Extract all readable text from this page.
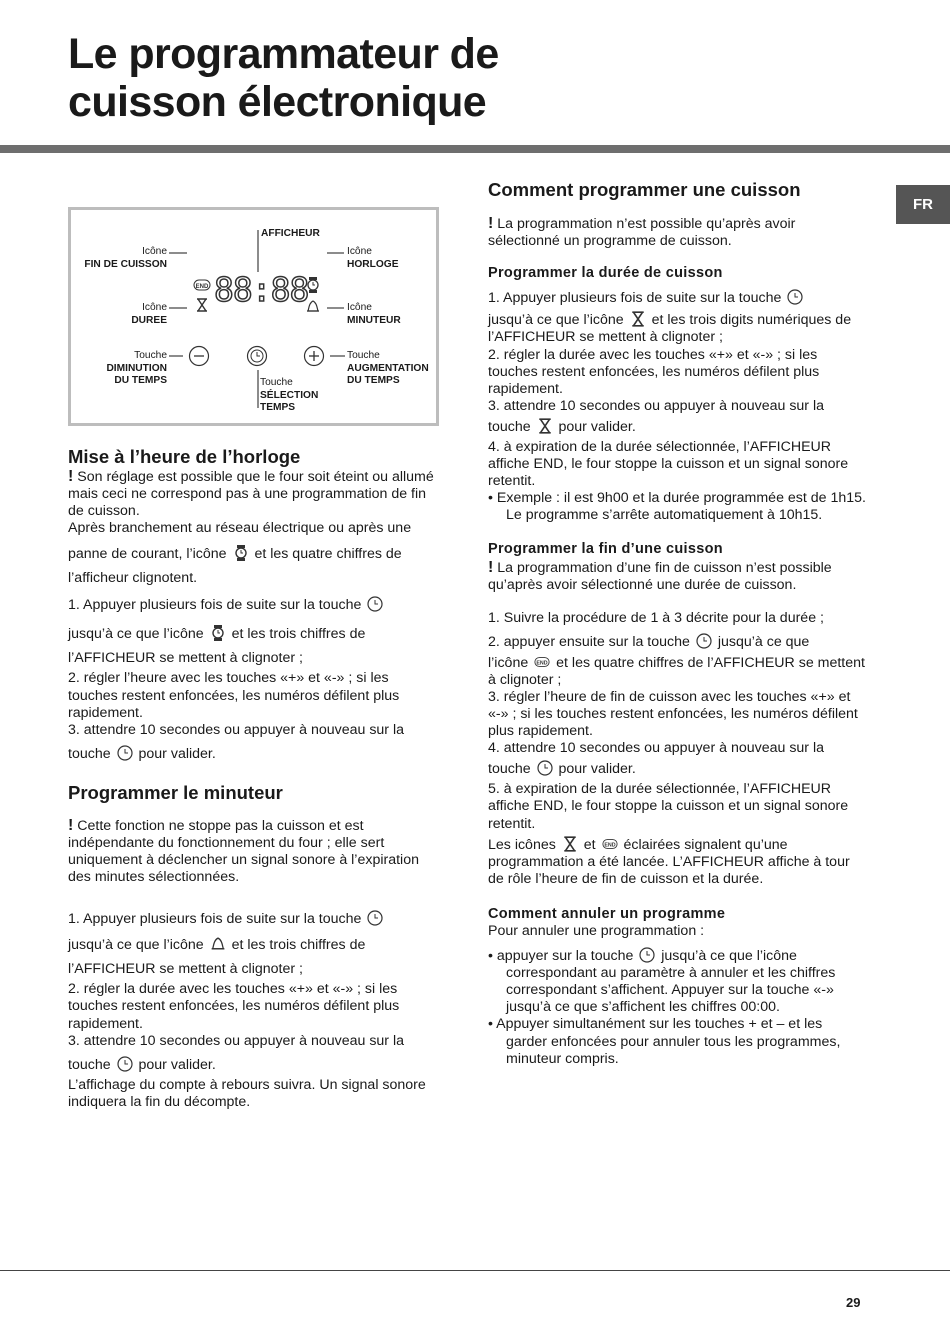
Le programmateur de
cuisson électronique
FR
END 88:88
AFFICHEUR
Icône
FIN DE CUISSON
Icône
DUREE
Touche
DIMINUTION
DU TEMPS
Icône
HORLOGE
Icône
MINUTEUR
Touche
AUGMENTATION
DU TEMPS
Touche
SÉLECTION
TEMPS
Mise à l’heure de l’horloge

! Son réglage est possible que le four soit éteint ou allumé mais ceci ne correspond pas à une programmation de fin de cuisson.

Après branchement au réseau électrique ou après une

panne de courant, l’icône et les quatre chiffres de l’afficheur clignotent.

1. Appuyer plusieurs fois de suite sur la touche

jusqu’à ce que l’icône et les trois chiffres de l’AFFICHEUR se mettent à clignoter ;

2. régler l’heure avec les touches «+» et «-» ; si les touches restent enfoncées, les numéros défilent plus rapidement.

3. attendre 10 secondes ou appuyer à nouveau sur la

touche pour valider.

Programmer le minuteur

! Cette fonction ne stoppe pas la cuisson et est indépendante du fonctionnement du four ; elle sert uniquement à déclencher un signal sonore à l’expiration des minutes sélectionnées.

1. Appuyer plusieurs fois de suite sur la touche

jusqu’à ce que l’icône et les trois chiffres de l’AFFICHEUR se mettent à clignoter ;

2. régler la durée avec les touches «+» et «-» ; si les touches restent enfoncées, les numéros défilent plus rapidement.

3. attendre 10 secondes ou appuyer à nouveau sur la

touche pour valider.

L’affichage du compte à rebours suivra. Un signal sonore indiquera la fin du décompte.

Comment programmer une cuisson

! La programmation n’est possible qu’après avoir sélectionné un programme de cuisson.

Programmer la durée de cuisson

1. Appuyer plusieurs fois de suite sur la touche

jusqu’à ce que l’icône et les trois digits numériques de l’AFFICHEUR se mettent à clignoter ;

2. régler la durée avec les touches «+» et «-» ; si les touches restent enfoncées, les numéros défilent plus rapidement.

3. attendre 10 secondes ou appuyer à nouveau sur la

touche pour valider.

4. à expiration de la durée sélectionnée, l’AFFICHEUR affiche END, le four stoppe la cuisson et un signal sonore retentit.

• Exemple : il est 9h00 et la durée programmée est de 1h15. Le programme s’arrête automatiquement à 10h15.

Programmer la fin d’une cuisson

! La programmation d’une fin de cuisson n’est possible qu’après avoir sélectionné une durée de cuisson.

1. Suivre la procédure de 1 à 3 décrite pour la durée ;

2. appuyer ensuite sur la touche jusqu’à ce que

l’icône END et les quatre chiffres de l’AFFICHEUR se mettent à clignoter ;

3. régler l’heure de fin de cuisson avec les touches «+» et «-» ; si les touches restent enfoncées, les numéros défilent plus rapidement.

4. attendre 10 secondes ou appuyer à nouveau sur la

touche pour valider.

5. à expiration de la durée sélectionnée, l’AFFICHEUR affiche END, le four stoppe la cuisson et un signal sonore retentit.

Les icônes et END éclairées signalent qu’une programmation a été lancée. L’AFFICHEUR affiche à tour de rôle l’heure de fin de cuisson et la durée.

Comment annuler un programme

Pour annuler une programmation :

• appuyer sur la touche jusqu’à ce que l’icône correspondant au paramètre à annuler et les chiffres correspondant s’affichent. Appuyer sur la touche «-» jusqu’à ce que s’affichent les chiffres 00:00.

• Appuyer simultanément sur les touches + et – et les garder enfoncées pour annuler tous les programmes, minuteur compris.

29
